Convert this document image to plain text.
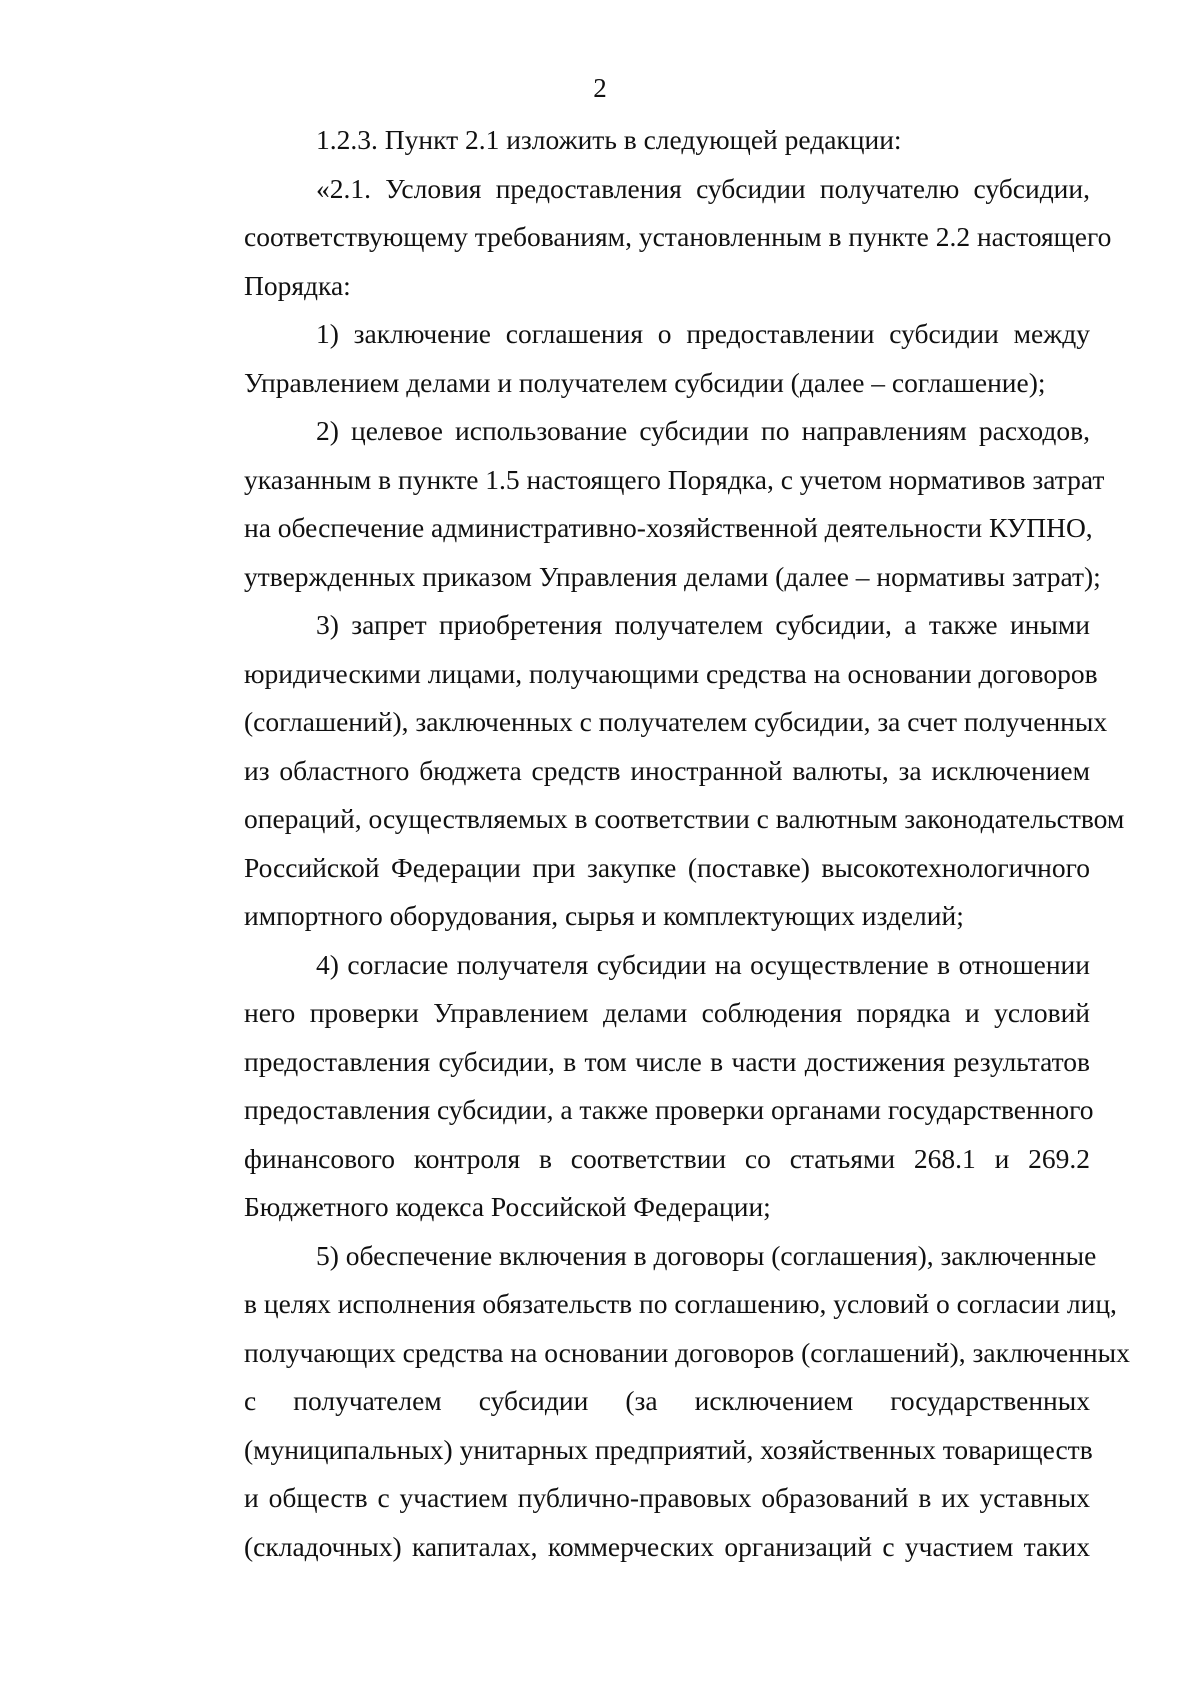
2

1.2.3. Пункт 2.1 изложить в следующей редакции:

«2.1. Условия предоставления субсидии получателю субсидии,
соответствующему требованиям, установленным в пункте 2.2 настоящего
Порядка:

1) заключение соглашения о предоставлении субсидии между
Управлением делами и получателем субсидии (далее – соглашение);

2) целевое использование субсидии по направлениям расходов,
указанным в пункте 1.5 настоящего Порядка, с учетом нормативов затрат
на обеспечение административно-хозяйственной деятельности КУПНО,
утвержденных приказом Управления делами (далее – нормативы затрат);

3) запрет приобретения получателем субсидии, а также иными
юридическими лицами, получающими средства на основании договоров
(соглашений), заключенных с получателем субсидии, за счет полученных
из областного бюджета средств иностранной валюты, за исключением
операций, осуществляемых в соответствии с валютным законодательством
Российской Федерации при закупке (поставке) высокотехнологичного
импортного оборудования, сырья и комплектующих изделий;

4) согласие получателя субсидии на осуществление в отношении
него проверки Управлением делами соблюдения порядка и условий
предоставления субсидии, в том числе в части достижения результатов
предоставления субсидии, а также проверки органами государственного
финансового контроля в соответствии со статьями 268.1 и 269.2
Бюджетного кодекса Российской Федерации;

5) обеспечение включения в договоры (соглашения), заключенные
в целях исполнения обязательств по соглашению, условий о согласии лиц,
получающих средства на основании договоров (соглашений), заключенных
с получателем субсидии (за исключением государственных
(муниципальных) унитарных предприятий, хозяйственных товариществ
и обществ с участием публично-правовых образований в их уставных
(складочных) капиталах, коммерческих организаций с участием таких
